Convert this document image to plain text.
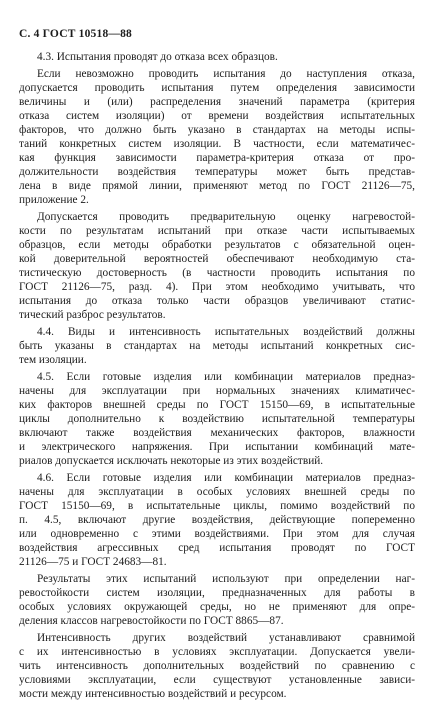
С. 4 ГОСТ 10518—88
4.3. Испытания проводят до отказа всех образцов.
Если невозможно проводить испытания до наступления отказа,
допускается проводить испытания путем определения зависимости
величины и (или) распределения значений параметра (критерия
отказа систем изоляции) от времени воздействия испытательных
факторов, что должно быть указано в стандартах на методы испы-
таний конкретных систем изоляции. В частности, если математичес-
кая функция зависимости параметра-критерия отказа от про-
должительности воздействия температуры может быть представ-
лена в виде прямой линии, применяют метод по ГОСТ 21126—75,
приложение 2.
Допускается проводить предварительную оценку нагревостой-
кости по результатам испытаний при отказе части испытываемых
образцов, если методы обработки результатов с обязательной оцен-
кой доверительной вероятностей обеспечивают необходимую ста-
тистическую достоверность (в частности проводить испытания по
ГОСТ 21126—75, разд. 4). При этом необходимо учитывать, что
испытания до отказа только части образцов увеличивают статис-
тический разброс результатов.
4.4. Виды и интенсивность испытательных воздействий должны
быть указаны в стандартах на методы испытаний конкретных сис-
тем изоляции.
4.5. Если готовые изделия или комбинации материалов предназ-
начены для эксплуатации при нормальных значениях климатичес-
ких факторов внешней среды по ГОСТ 15150—69, в испытательные
циклы дополнительно к воздействию испытательной температуры
включают также воздействия механических факторов, влажности
и электрического напряжения. При испытании комбинаций мате-
риалов допускается исключать некоторые из этих воздействий.
4.6. Если готовые изделия или комбинации материалов предназ-
начены для эксплуатации в особых условиях внешней среды по
ГОСТ 15150—69, в испытательные циклы, помимо воздействий по
п. 4.5, включают другие воздействия, действующие попеременно
или одновременно с этими воздействиями. При этом для случая
воздействия агрессивных сред испытания проводят по ГОСТ
21126—75 и ГОСТ 24683—81.
Результаты этих испытаний используют при определении наг-
ревостойкости систем изоляции, предназначенных для работы в
особых условиях окружающей среды, но не применяют для опре-
деления классов нагревостойкости по ГОСТ 8865—87.
Интенсивность других воздействий устанавливают сравнимой
с их интенсивностью в условиях эксплуатации. Допускается увели-
чить интенсивность дополнительных воздействий по сравнению с
условиями эксплуатации, если существуют установленные зависи-
мости между интенсивностью воздействий и ресурсом.
